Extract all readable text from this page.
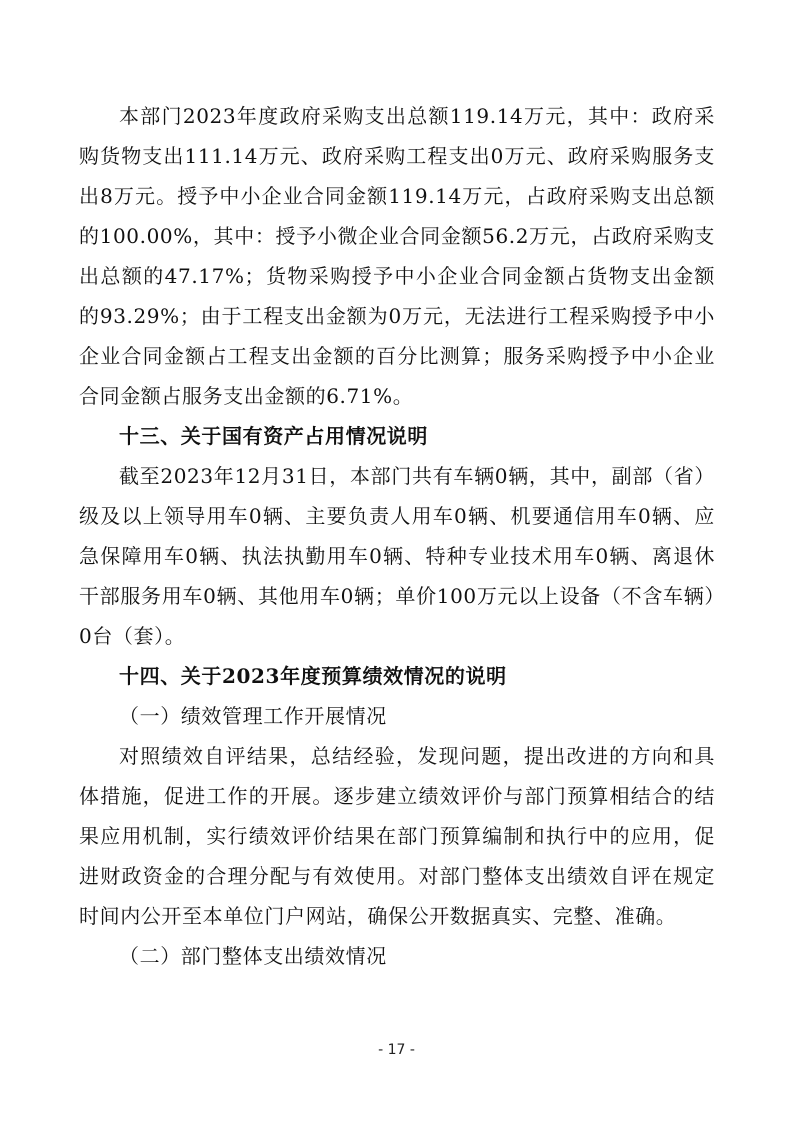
本部门2023年度政府采购支出总额119.14万元，其中：政府采购货物支出111.14万元、政府采购工程支出0万元、政府采购服务支出8万元。授予中小企业合同金额119.14万元，占政府采购支出总额的100.00%，其中：授予小微企业合同金额56.2万元，占政府采购支出总额的47.17%；货物采购授予中小企业合同金额占货物支出金额的93.29%；由于工程支出金额为0万元，无法进行工程采购授予中小企业合同金额占工程支出金额的百分比测算；服务采购授予中小企业合同金额占服务支出金额的6.71%。

十三、关于国有资产占用情况说明

截至2023年12月31日，本部门共有车辆0辆，其中，副部（省）级及以上领导用车0辆、主要负责人用车0辆、机要通信用车0辆、应急保障用车0辆、执法执勤用车0辆、特种专业技术用车0辆、离退休干部服务用车0辆、其他用车0辆；单价100万元以上设备（不含车辆）0台（套）。

十四、关于2023年度预算绩效情况的说明

（一）绩效管理工作开展情况

对照绩效自评结果，总结经验，发现问题，提出改进的方向和具体措施，促进工作的开展。逐步建立绩效评价与部门预算相结合的结果应用机制，实行绩效评价结果在部门预算编制和执行中的应用，促进财政资金的合理分配与有效使用。对部门整体支出绩效自评在规定时间内公开至本单位门户网站，确保公开数据真实、完整、准确。

（二）部门整体支出绩效情况

- 17 -
